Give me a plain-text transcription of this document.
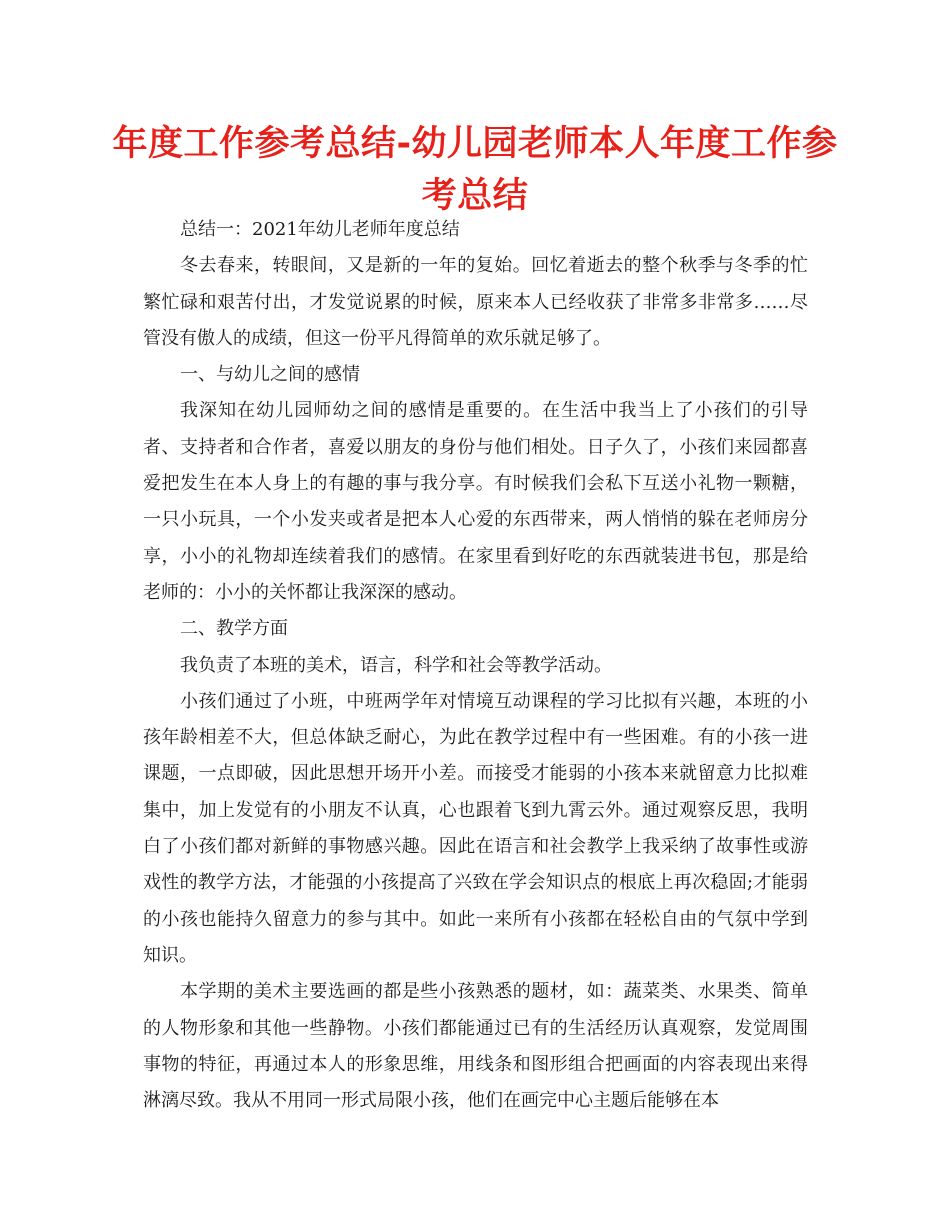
年度工作参考总结-幼儿园老师本人年度工作参考总结

总结一：2021年幼儿老师年度总结

冬去春来，转眼间，又是新的一年的复始。回忆着逝去的整个秋季与冬季的忙繁忙碌和艰苦付出，才发觉说累的时候，原来本人已经收获了非常多非常多……尽管没有傲人的成绩，但这一份平凡得简单的欢乐就足够了。

一、与幼儿之间的感情

我深知在幼儿园师幼之间的感情是重要的。在生活中我当上了小孩们的引导者、支持者和合作者，喜爱以朋友的身份与他们相处。日子久了，小孩们来园都喜爱把发生在本人身上的有趣的事与我分享。有时候我们会私下互送小礼物一颗糖，一只小玩具，一个小发夹或者是把本人心爱的东西带来，两人悄悄的躲在老师房分享，小小的礼物却连续着我们的感情。在家里看到好吃的东西就装进书包，那是给老师的：小小的关怀都让我深深的感动。

二、教学方面

我负责了本班的美术，语言，科学和社会等教学活动。

小孩们通过了小班，中班两学年对情境互动课程的学习比拟有兴趣，本班的小孩年龄相差不大，但总体缺乏耐心，为此在教学过程中有一些困难。有的小孩一进课题，一点即破，因此思想开场开小差。而接受才能弱的小孩本来就留意力比拟难集中，加上发觉有的小朋友不认真，心也跟着飞到九霄云外。通过观察反思，我明白了小孩们都对新鲜的事物感兴趣。因此在语言和社会教学上我采纳了故事性或游戏性的教学方法，才能强的小孩提高了兴致在学会知识点的根底上再次稳固;才能弱的小孩也能持久留意力的参与其中。如此一来所有小孩都在轻松自由的气氛中学到知识。

本学期的美术主要选画的都是些小孩熟悉的题材，如：蔬菜类、水果类、简单的人物形象和其他一些静物。小孩们都能通过已有的生活经历认真观察，发觉周围事物的特征，再通过本人的形象思维，用线条和图形组合把画面的内容表现出来得淋漓尽致。我从不用同一形式局限小孩，他们在画完中心主题后能够在本
